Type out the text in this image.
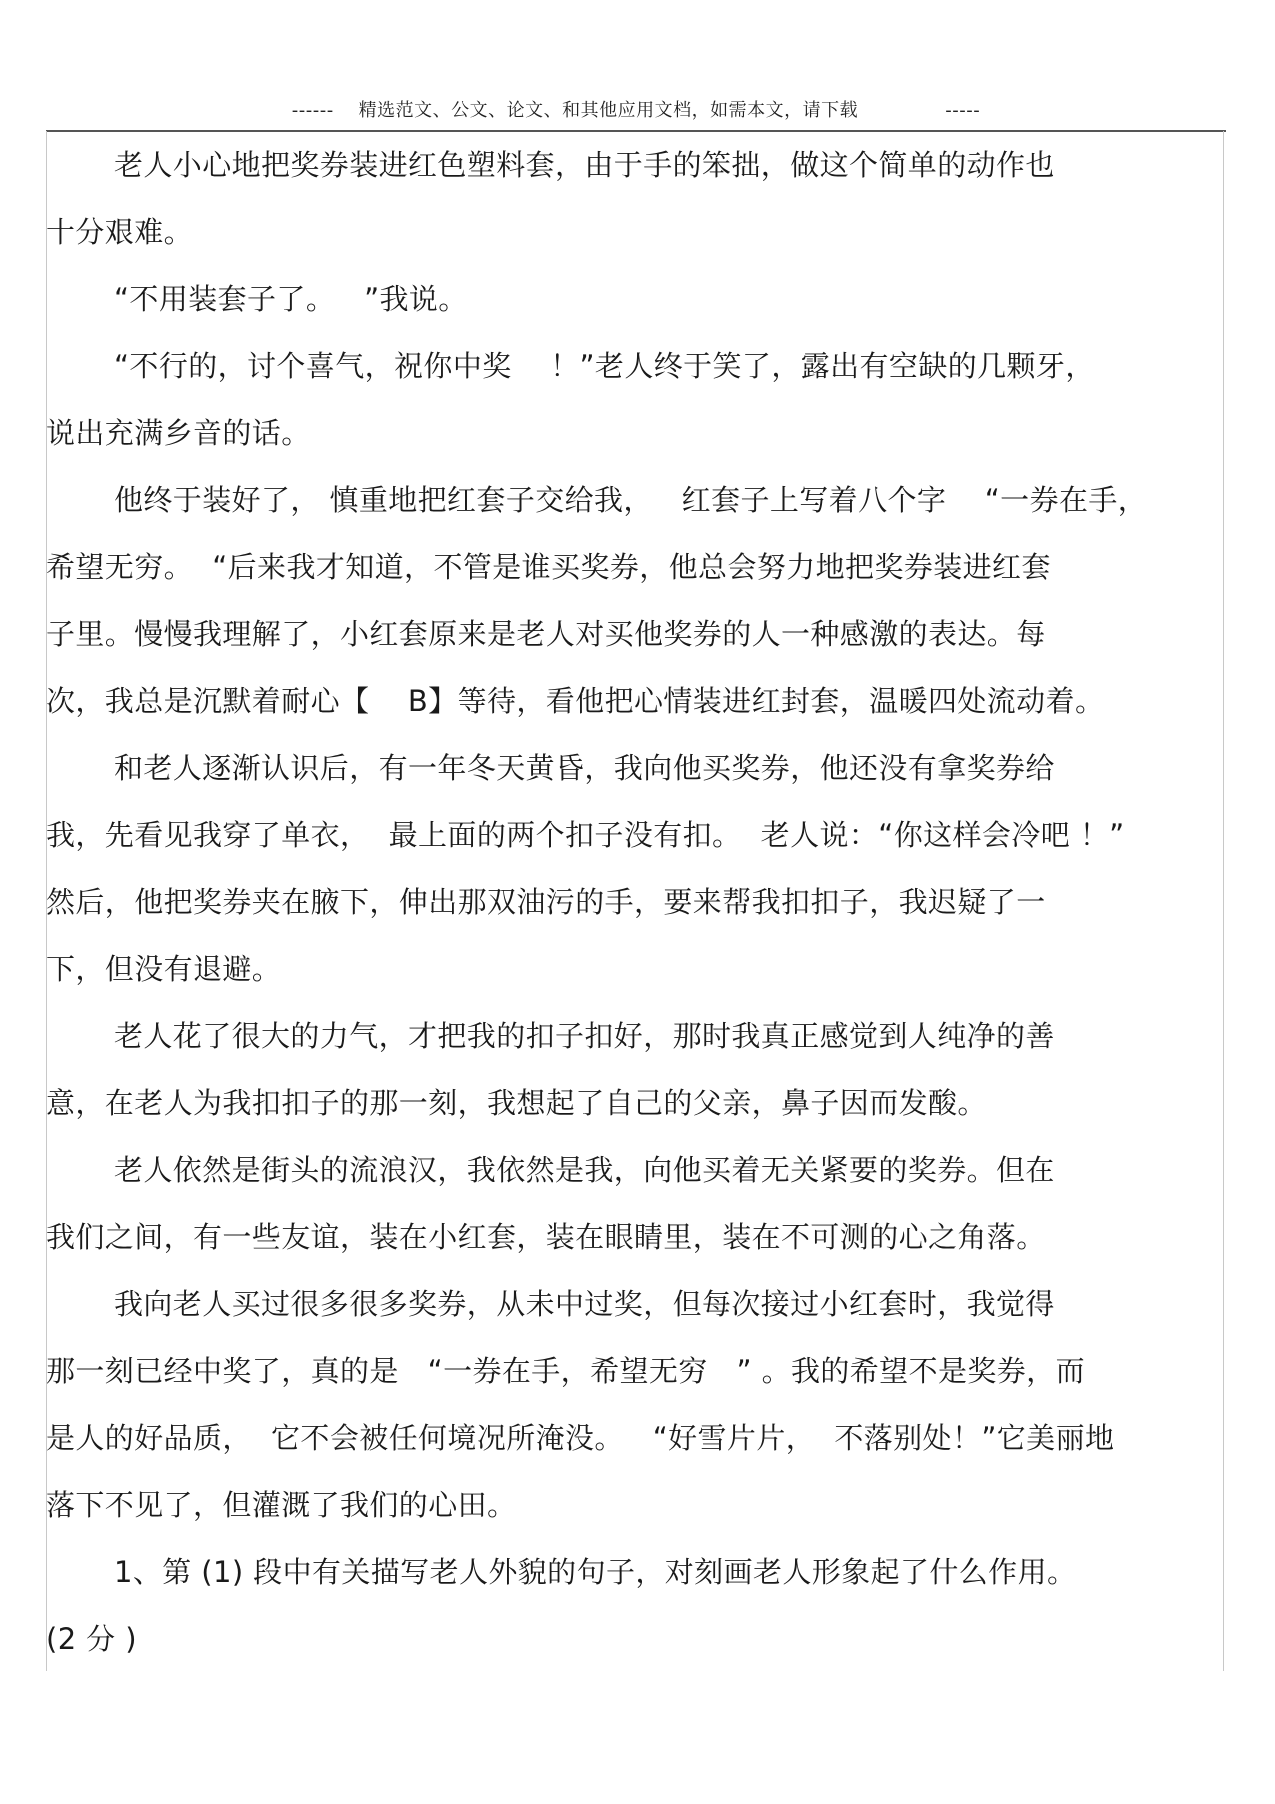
------    精选范文、公文、论文、和其他应用文档，如需本文，请下载              -----
老人小心地把奖券装进红色塑料套，由于手的笨拙，做这个简单的动作也
十分艰难。
“不用装套子了。   ”我说。
“不行的，讨个喜气，祝你中奖    ！”老人终于笑了，露出有空缺的几颗牙，
说出充满乡音的话。
他终于装好了， 慎重地把红套子交给我，   红套子上写着八个字    “一券在手，
希望无穷。  “后来我才知道，不管是谁买奖券，他总会努力地把奖券装进红套
子里。慢慢我理解了，小红套原来是老人对买他奖券的人一种感激的表达。每
次，我总是沉默着耐心【    B】等待，看他把心情装进红封套，温暖四处流动着。
和老人逐渐认识后，有一年冬天黄昏，我向他买奖券，他还没有拿奖券给
我，先看见我穿了单衣，  最上面的两个扣子没有扣。  老人说：“你这样会冷吧 ！”
然后，他把奖券夹在腋下，伸出那双油污的手，要来帮我扣扣子，我迟疑了一
下，但没有退避。
老人花了很大的力气，才把我的扣子扣好，那时我真正感觉到人纯净的善
意，在老人为我扣扣子的那一刻，我想起了自己的父亲，鼻子因而发酸。
老人依然是街头的流浪汉，我依然是我，向他买着无关紧要的奖券。但在
我们之间，有一些友谊，装在小红套，装在眼睛里，装在不可测的心之角落。
我向老人买过很多很多奖券，从未中过奖，但每次接过小红套时，我觉得
那一刻已经中奖了，真的是   “一券在手，希望无穷   ” 。我的希望不是奖券，而
是人的好品质，  它不会被任何境况所淹没。   “好雪片片，  不落别处！”它美丽地
落下不见了，但灌溉了我们的心田。
1、第 (1) 段中有关描写老人外貌的句子，对刻画老人形象起了什么作用。
(2 分 )
